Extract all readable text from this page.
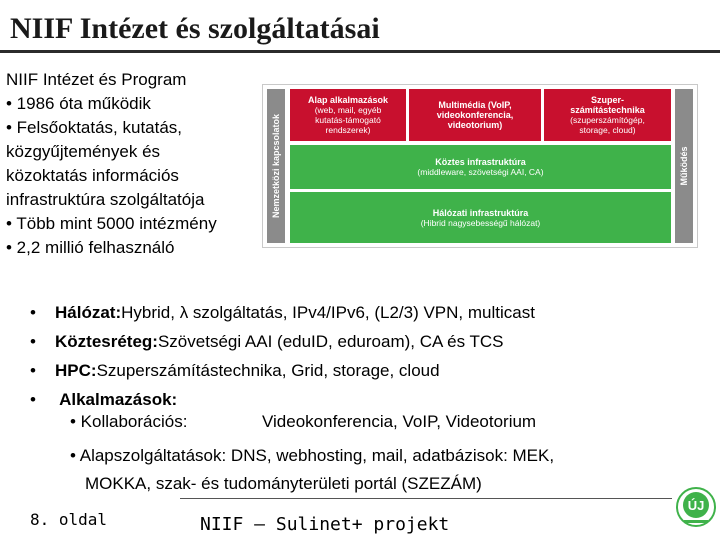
NIIF Intézet és szolgáltatásai
NIIF Intézet és Program
• 1986 óta működik
• Felsőoktatás, kutatás,
közgyűjtemények és
közoktatás információs
infrastruktúra szolgáltatója
• Több mint 5000 intézmény
• 2,2 millió felhasználó
Nemzetközi kapcsolatok	Működés
Alap alkalmazások
(web, mail, egyéb
kutatás-támogató
rendszerek)
Multimédia (VoIP,
videokonferencia,
videotorium)
Szuper-
számítástechnika
(szuperszámítógép,
storage, cloud)
Köztes infrastruktúra
(middleware, szövetségi AAI, CA)
Hálózati infrastruktúra
(Hibrid nagysebességű hálózat)
•	Hálózat: Hybrid, λ szolgáltatás, IPv4/IPv6, (L2/3) VPN, multicast
•	Köztesréteg: Szövetségi AAI (eduID, eduroam), CA és TCS
•	HPC: Szuperszámítástechnika, Grid, storage, cloud
•	Alkalmazások:
• Kollaborációs:	Videokonferencia, VoIP, Videotorium
• Alapszolgáltatások: DNS, webhosting, mail, adatbázisok: MEK,
MOKKA, szak- és tudományterületi portál (SZEZÁM)
8. oldal	NIIF – Sulinet+ projekt
ÚJ
